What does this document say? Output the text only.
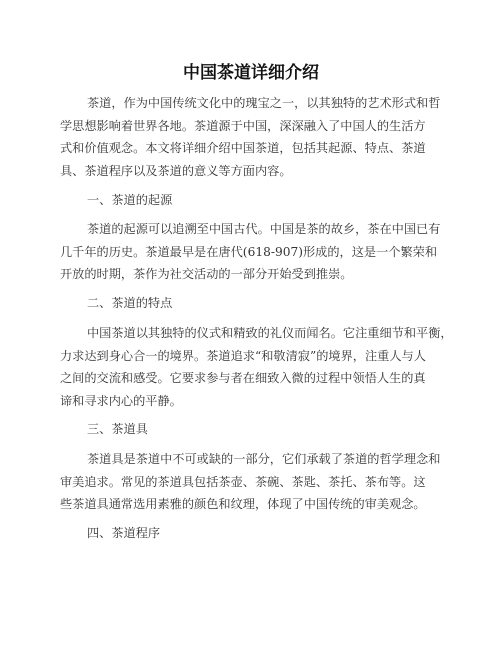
中国茶道详细介绍
茶道，作为中国传统文化中的瑰宝之一，以其独特的艺术形式和哲
学思想影响着世界各地。茶道源于中国，深深融入了中国人的生活方
式和价值观念。本文将详细介绍中国茶道，包括其起源、特点、茶道
具、茶道程序以及茶道的意义等方面内容。
一、茶道的起源
茶道的起源可以追溯至中国古代。中国是茶的故乡，茶在中国已有
几千年的历史。茶道最早是在唐代(618-907)形成的，这是一个繁荣和
开放的时期，茶作为社交活动的一部分开始受到推崇。
二、茶道的特点
中国茶道以其独特的仪式和精致的礼仪而闻名。它注重细节和平衡，
力求达到身心合一的境界。茶道追求“和敬清寂”的境界，注重人与人
之间的交流和感受。它要求参与者在细致入微的过程中领悟人生的真
谛和寻求内心的平静。
三、茶道具
茶道具是茶道中不可或缺的一部分，它们承载了茶道的哲学理念和
审美追求。常见的茶道具包括茶壶、茶碗、茶匙、茶托、茶布等。这
些茶道具通常选用素雅的颜色和纹理，体现了中国传统的审美观念。
四、茶道程序
